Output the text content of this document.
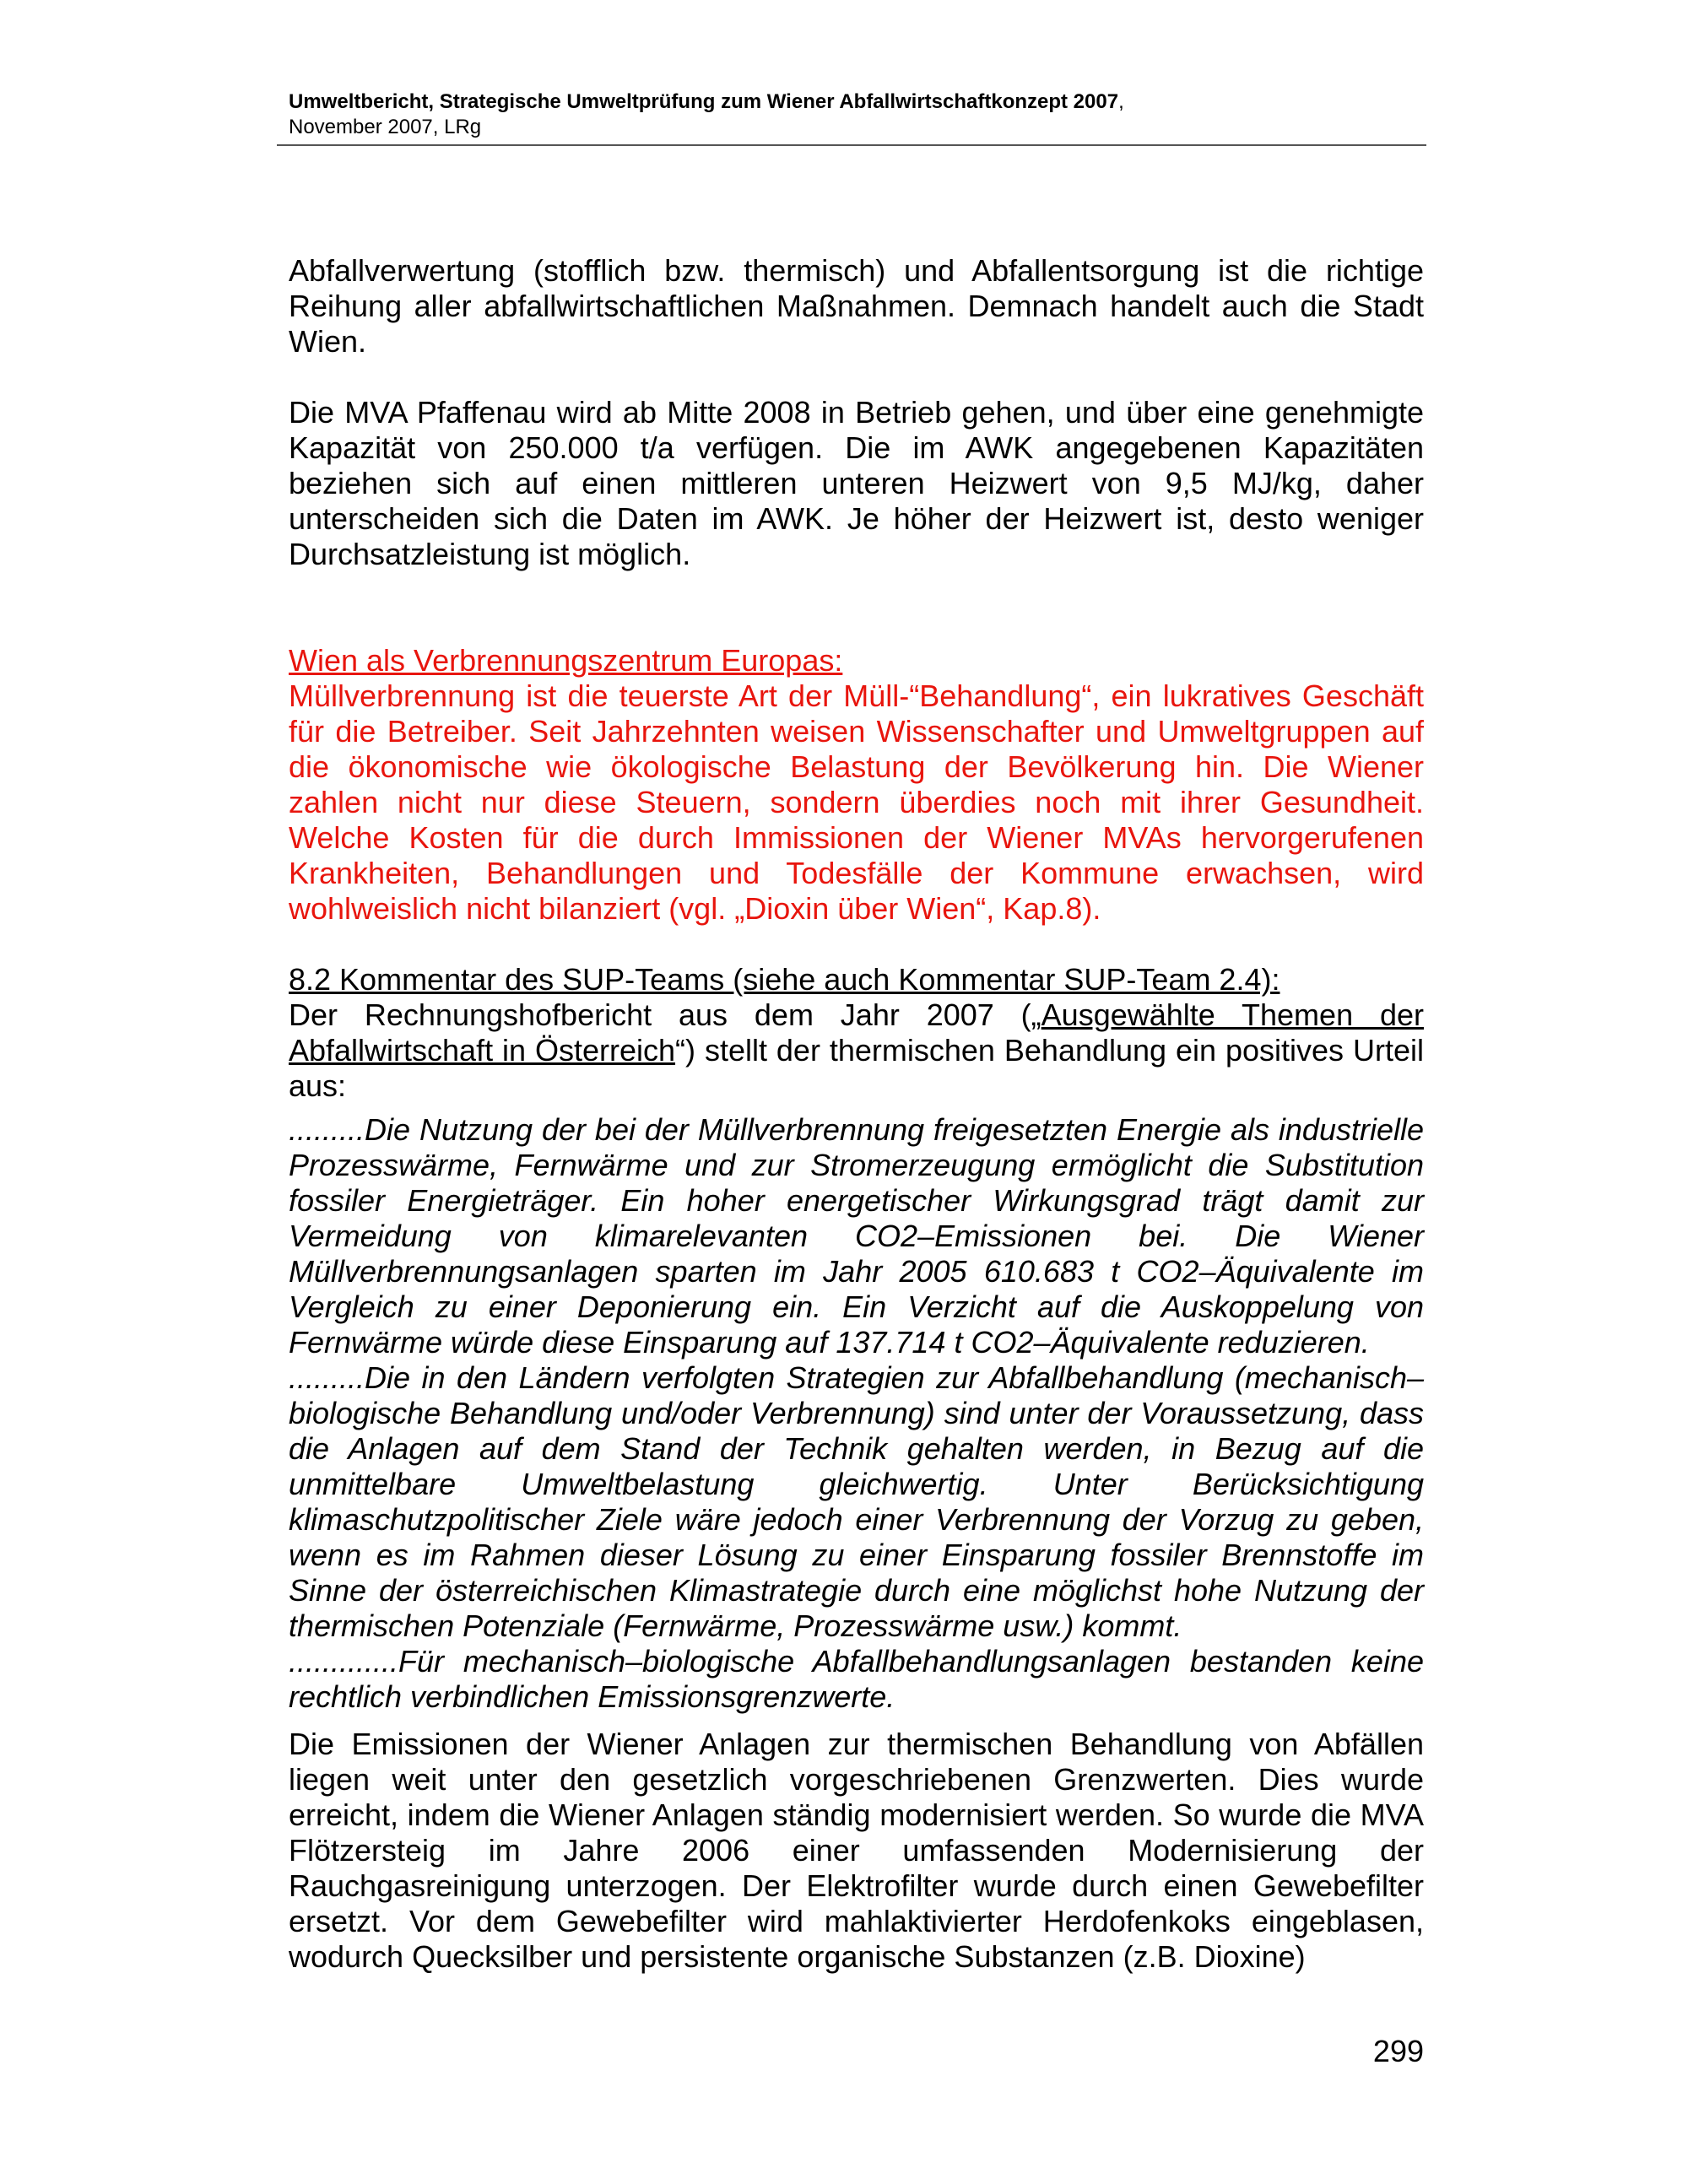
Umweltbericht, Strategische Umweltprüfung zum Wiener Abfallwirtschaftkonzept 2007,
November 2007, LRg

Abfallverwertung (stofflich bzw. thermisch) und Abfallentsorgung ist die richtige Reihung aller abfallwirtschaftlichen Maßnahmen. Demnach handelt auch die Stadt Wien.

Die MVA Pfaffenau wird ab Mitte 2008 in Betrieb gehen, und über eine genehmigte Kapazität von 250.000 t/a verfügen. Die im AWK angegebenen Kapazitäten beziehen sich auf einen mittleren unteren Heizwert von 9,5 MJ/kg, daher unterscheiden sich die Daten im AWK. Je höher der Heizwert ist, desto weniger Durchsatzleistung ist möglich.

Wien als Verbrennungszentrum Europas:

Müllverbrennung ist die teuerste Art der Müll-“Behandlung“, ein lukratives Geschäft für die Betreiber. Seit Jahrzehnten weisen Wissenschafter und Umweltgruppen auf die ökonomische wie ökologische Belastung der Bevölkerung hin. Die Wiener zahlen nicht nur diese Steuern, sondern überdies noch mit ihrer Gesundheit. Welche Kosten für die durch Immissionen der Wiener MVAs hervorgerufenen Krankheiten, Behandlungen und Todesfälle der Kommune erwachsen, wird wohlweislich nicht bilanziert (vgl. „Dioxin über Wien“, Kap.8).

8.2 Kommentar des SUP-Teams (siehe auch Kommentar SUP-Team 2.4):

Der Rechnungshofbericht aus dem Jahr 2007 („Ausgewählte Themen der Abfallwirtschaft in Österreich“) stellt der thermischen Behandlung ein positives Urteil aus:

.........Die Nutzung der bei der Müllverbrennung freigesetzten Energie als industrielle Prozesswärme, Fernwärme und zur Stromerzeugung ermöglicht die Substitution fossiler Energieträger. Ein hoher energetischer Wirkungsgrad trägt damit zur Vermeidung von klimarelevanten CO2–Emissionen bei. Die Wiener Müllverbrennungsanlagen sparten im Jahr 2005 610.683 t CO2–Äquivalente im Vergleich zu einer Deponierung ein. Ein Verzicht auf die Auskoppelung von Fernwärme würde diese Einsparung auf 137.714 t CO2–Äquivalente reduzieren.

.........Die in den Ländern verfolgten Strategien zur Abfallbehandlung (mechanisch–biologische Behandlung und/oder Verbrennung) sind unter der Voraussetzung, dass die Anlagen auf dem Stand der Technik gehalten werden, in Bezug auf die unmittelbare Umweltbelastung gleichwertig. Unter Berücksichtigung klimaschutzpolitischer Ziele wäre jedoch einer Verbrennung der Vorzug zu geben, wenn es im Rahmen dieser Lösung zu einer Einsparung fossiler Brennstoffe im Sinne der österreichischen Klimastrategie durch eine möglichst hohe Nutzung der thermischen Potenziale (Fernwärme, Prozesswärme usw.) kommt.

.............Für mechanisch–biologische Abfallbehandlungsanlagen bestanden keine rechtlich verbindlichen Emissionsgrenzwerte.

Die Emissionen der Wiener Anlagen zur thermischen Behandlung von Abfällen liegen weit unter den gesetzlich vorgeschriebenen Grenzwerten. Dies wurde erreicht, indem die Wiener Anlagen ständig modernisiert werden. So wurde die MVA Flötzersteig im Jahre 2006 einer umfassenden Modernisierung der Rauchgasreinigung unterzogen. Der Elektrofilter wurde durch einen Gewebefilter ersetzt. Vor dem Gewebefilter wird mahlaktivierter Herdofenkoks eingeblasen, wodurch Quecksilber und persistente organische Substanzen (z.B. Dioxine)

299
